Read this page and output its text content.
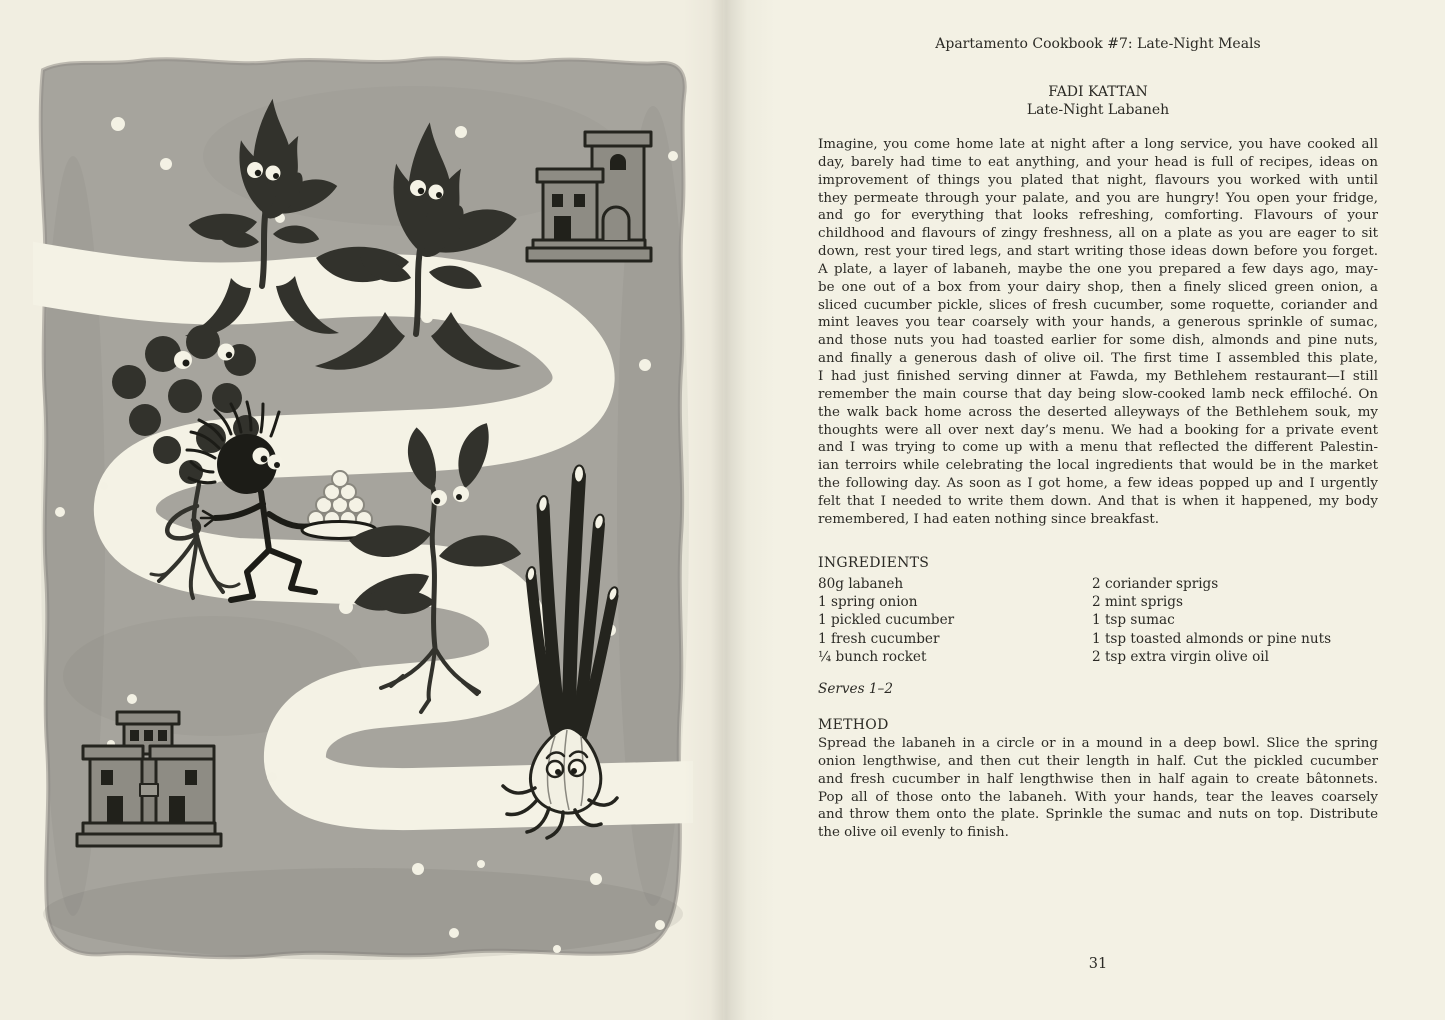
Apartamento Cookbook #7: Late-Night Meals
FADI KATTAN
Late-Night Labaneh
Imagine, you come home late at night after a long service, you have cooked all
day, barely had time to eat anything, and your head is full of recipes, ideas on
improvement of things you plated that night, flavours you worked with until
they permeate through your palate, and you are hungry! You open your fridge,
and go for everything that looks refreshing, comforting. Flavours of your
childhood and flavours of zingy freshness, all on a plate as you are eager to sit
down, rest your tired legs, and start writing those ideas down before you forget.
A plate, a layer of labaneh, maybe the one you prepared a few days ago, may-
be one out of a box from your dairy shop, then a finely sliced green onion, a
sliced cucumber pickle, slices of fresh cucumber, some roquette, coriander and
mint leaves you tear coarsely with your hands, a generous sprinkle of sumac,
and those nuts you had toasted earlier for some dish, almonds and pine nuts,
and finally a generous dash of olive oil. The first time I assembled this plate,
I had just finished serving dinner at Fawda, my Bethlehem restaurant—I still
remember the main course that day being slow-cooked lamb neck effiloché. On
the walk back home across the deserted alleyways of the Bethlehem souk, my
thoughts were all over next day’s menu. We had a booking for a private event
and I was trying to come up with a menu that reflected the different Palestin-
ian terroirs while celebrating the local ingredients that would be in the market
the following day. As soon as I got home, a few ideas popped up and I urgently
felt that I needed to write them down. And that is when it happened, my body
remembered, I had eaten nothing since breakfast.
INGREDIENTS
80g labaneh
1 spring onion
1 pickled cucumber
1 fresh cucumber
¼ bunch rocket
2 coriander sprigs
2 mint sprigs
1 tsp sumac
1 tsp toasted almonds or pine nuts
2 tsp extra virgin olive oil
Serves 1–2
METHOD
Spread the labaneh in a circle or in a mound in a deep bowl. Slice the spring
onion lengthwise, and then cut their length in half. Cut the pickled cucumber
and fresh cucumber in half lengthwise then in half again to create bâtonnets.
Pop all of those onto the labaneh. With your hands, tear the leaves coarsely
and throw them onto the plate. Sprinkle the sumac and nuts on top. Distribute
the olive oil evenly to finish.
31
